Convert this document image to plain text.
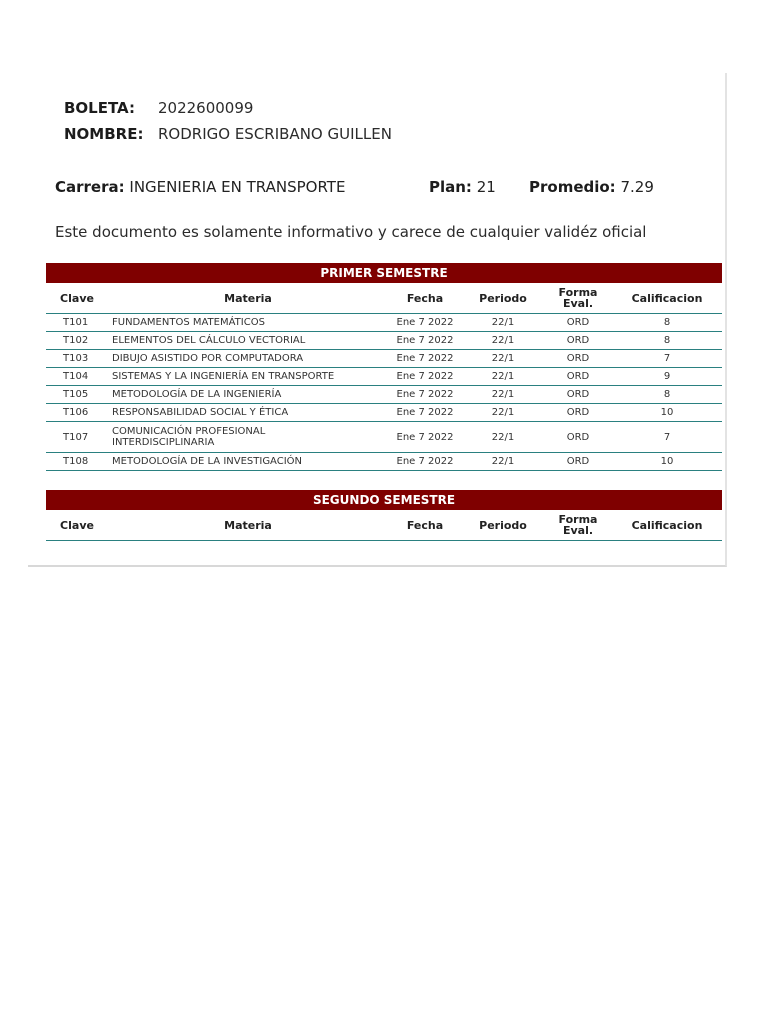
BOLETA:	2022600099
NOMBRE: RODRIGO ESCRIBANO GUILLEN
Carrera: INGENIERIA EN TRANSPORTE	Plan: 21 Promedio: 7.29
Este documento es solamente informativo y carece de cualquier validéz oficial
PRIMER SEMESTRE
Clave	Materia	Fecha	Periodo	Forma Eval.	Calificacion
T101	FUNDAMENTOS MATEMÁTICOS	Ene 7 2022	22/1	ORD	8
T102	ELEMENTOS DEL CÁLCULO VECTORIAL	Ene 7 2022	22/1	ORD	8
T103	DIBUJO ASISTIDO POR COMPUTADORA	Ene 7 2022	22/1	ORD	7
T104	SISTEMAS Y LA INGENIERÍA EN TRANSPORTE	Ene 7 2022	22/1	ORD	9
T105	METODOLOGÍA DE LA INGENIERÍA	Ene 7 2022	22/1	ORD	8
T106	RESPONSABILIDAD SOCIAL Y ÉTICA	Ene 7 2022	22/1	ORD	10
T107	COMUNICACIÓN PROFESIONAL INTERDISCIPLINARIA	Ene 7 2022	22/1	ORD	7
T108	METODOLOGÍA DE LA INVESTIGACIÓN	Ene 7 2022	22/1	ORD	10
SEGUNDO SEMESTRE
Clave	Materia	Fecha	Periodo	Forma Eval.	Calificacion
